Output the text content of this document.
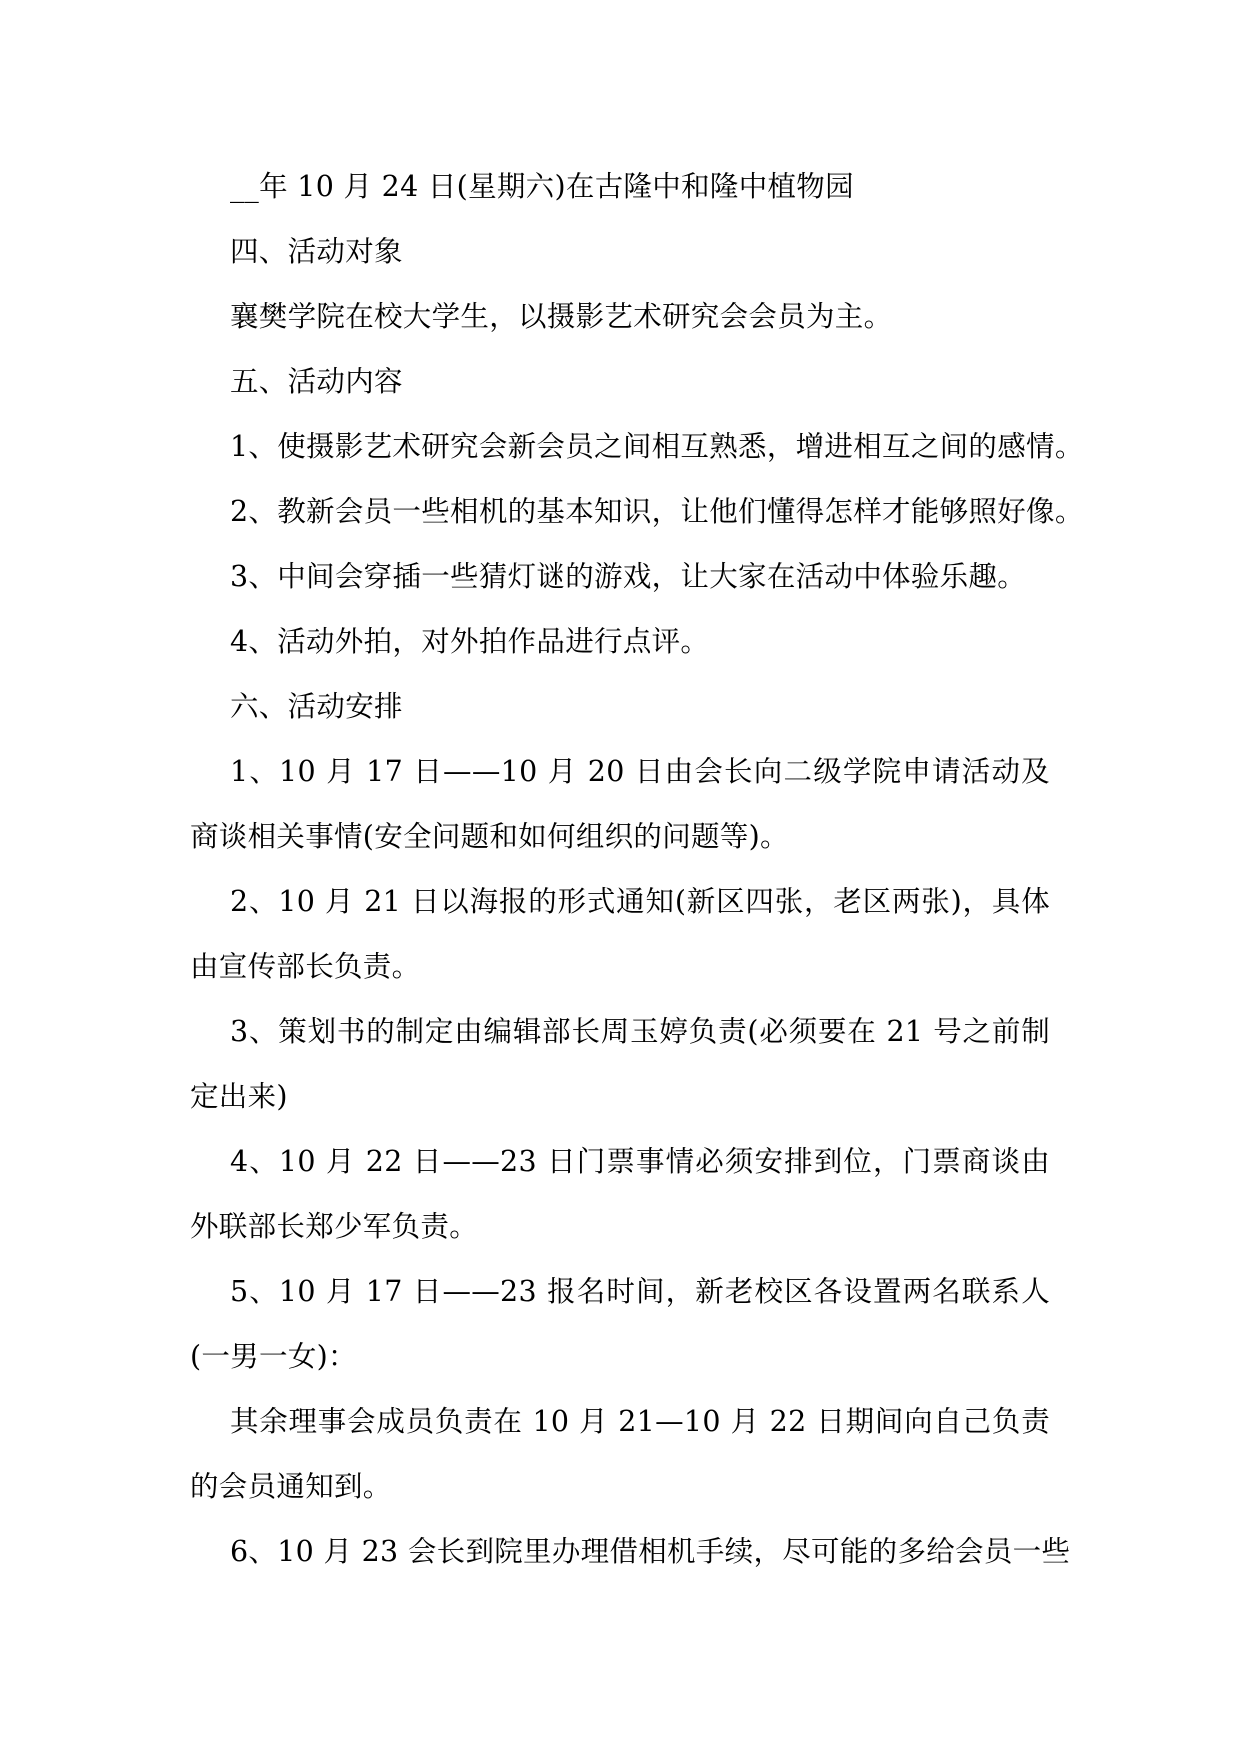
__年 10 月 24 日(星期六)在古隆中和隆中植物园

四、活动对象

襄樊学院在校大学生，以摄影艺术研究会会员为主。

五、活动内容

1、使摄影艺术研究会新会员之间相互熟悉，增进相互之间的感情。

2、教新会员一些相机的基本知识，让他们懂得怎样才能够照好像。

3、中间会穿插一些猜灯谜的游戏，让大家在活动中体验乐趣。

4、活动外拍，对外拍作品进行点评。

六、活动安排

1、10 月 17 日——10 月 20 日由会长向二级学院申请活动及商谈相关事情(安全问题和如何组织的问题等)。

2、10 月 21 日以海报的形式通知(新区四张，老区两张)，具体由宣传部长负责。

3、策划书的制定由编辑部长周玉婷负责(必须要在 21 号之前制定出来)

4、10 月 22 日——23 日门票事情必须安排到位，门票商谈由外联部长郑少军负责。

5、10 月 17 日——23 报名时间，新老校区各设置两名联系人(一男一女)：

其余理事会成员负责在 10 月 21—10 月 22 日期间向自己负责的会员通知到。

6、10 月 23 会长到院里办理借相机手续，尽可能的多给会员一些
